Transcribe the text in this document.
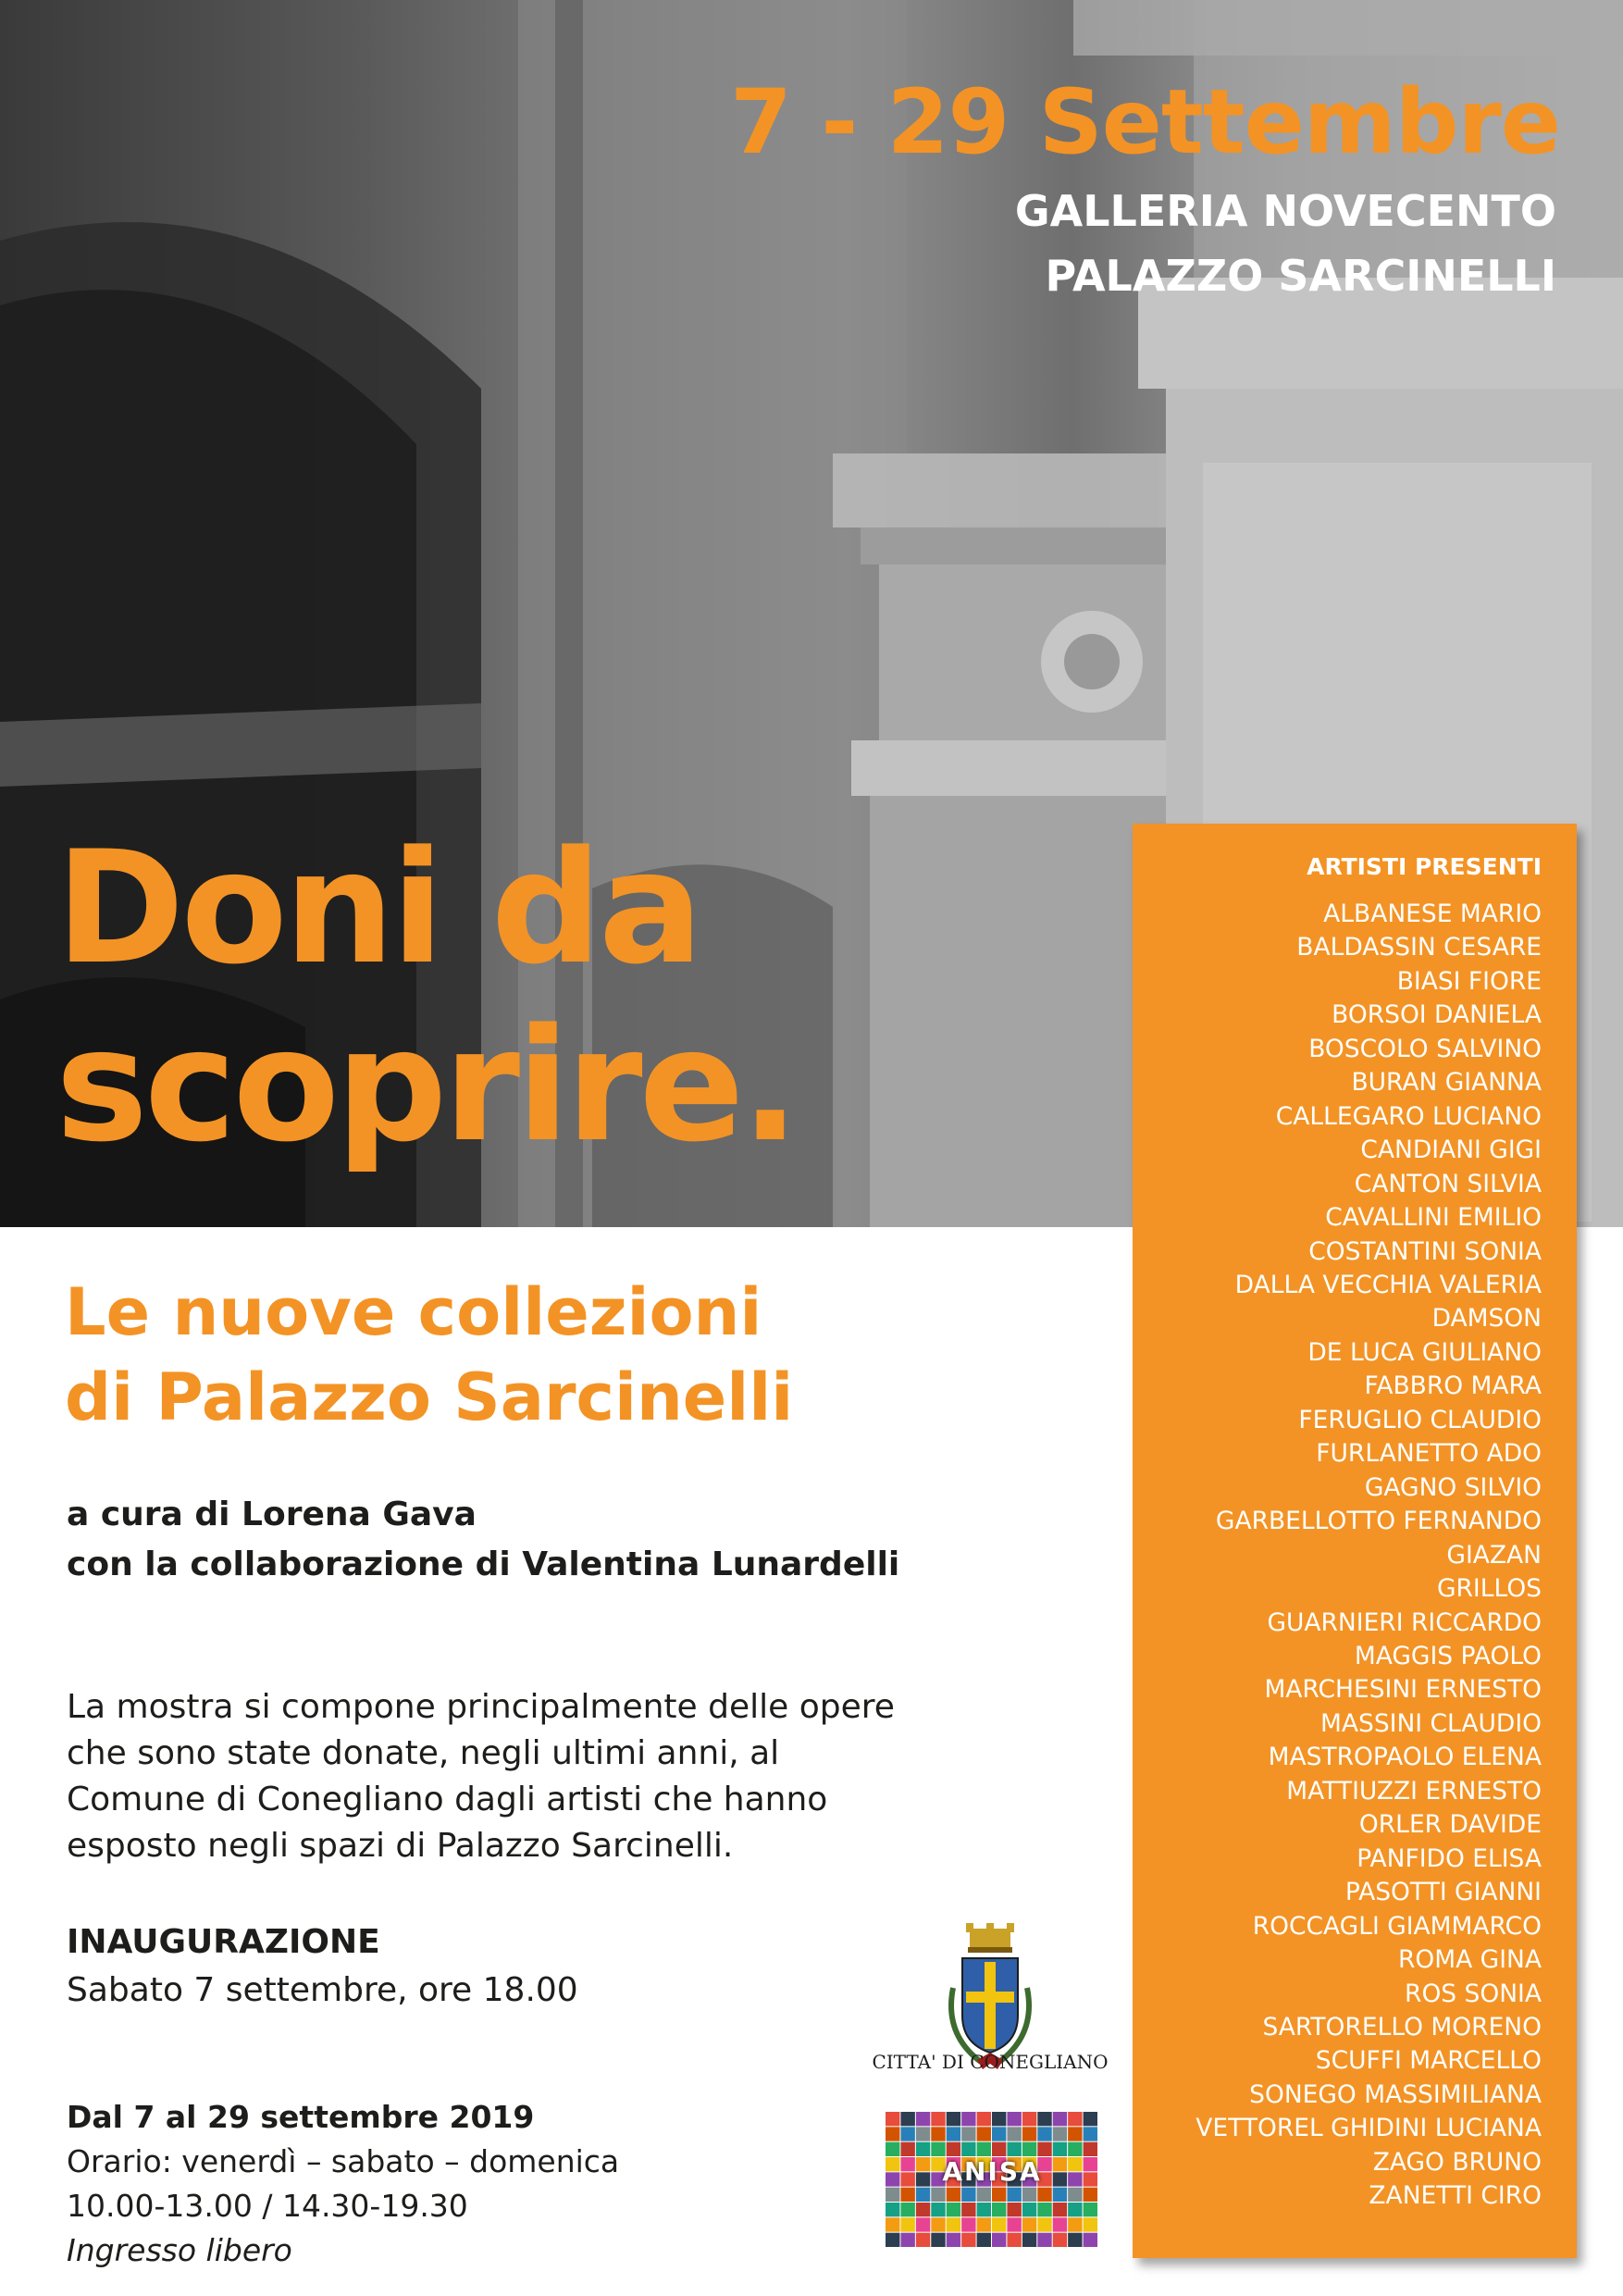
7 - 29 Settembre
GALLERIA NOVECENTO
PALAZZO SARCINELLI
Doni da
scoprire.
Le nuove collezioni
di Palazzo Sarcinelli
a cura di Lorena Gava
con la collaborazione di Valentina Lunardelli
La mostra si compone principalmente delle opere
che sono state donate, negli ultimi anni, al
Comune di Conegliano dagli artisti che hanno
esposto negli spazi di Palazzo Sarcinelli.
INAUGURAZIONE
Sabato 7 settembre, ore 18.00
Dal 7 al 29 settembre 2019
Orario: venerdì – sabato – domenica
10.00-13.00 / 14.30-19.30
Ingresso libero
ARTISTI PRESENTI
ALBANESE MARIO
BALDASSIN CESARE
BIASI FIORE
BORSOI DANIELA
BOSCOLO SALVINO
BURAN GIANNA
CALLEGARO LUCIANO
CANDIANI GIGI
CANTON SILVIA
CAVALLINI EMILIO
COSTANTINI SONIA
DALLA VECCHIA VALERIA
DAMSON
DE LUCA GIULIANO
FABBRO MARA
FERUGLIO CLAUDIO
FURLANETTO ADO
GAGNO SILVIO
GARBELLOTTO FERNANDO
GIAZAN
GRILLOS
GUARNIERI RICCARDO
MAGGIS PAOLO
MARCHESINI ERNESTO
MASSINI CLAUDIO
MASTROPAOLO ELENA
MATTIUZZI ERNESTO
ORLER DAVIDE
PANFIDO ELISA
PASOTTI GIANNI
ROCCAGLI GIAMMARCO
ROMA GINA
ROS SONIA
SARTORELLO MORENO
SCUFFI MARCELLO
SONEGO MASSIMILIANA
VETTOREL GHIDINI LUCIANA
ZAGO BRUNO
ZANETTI CIRO
CITTA' DI CONEGLIANO
ANISA
